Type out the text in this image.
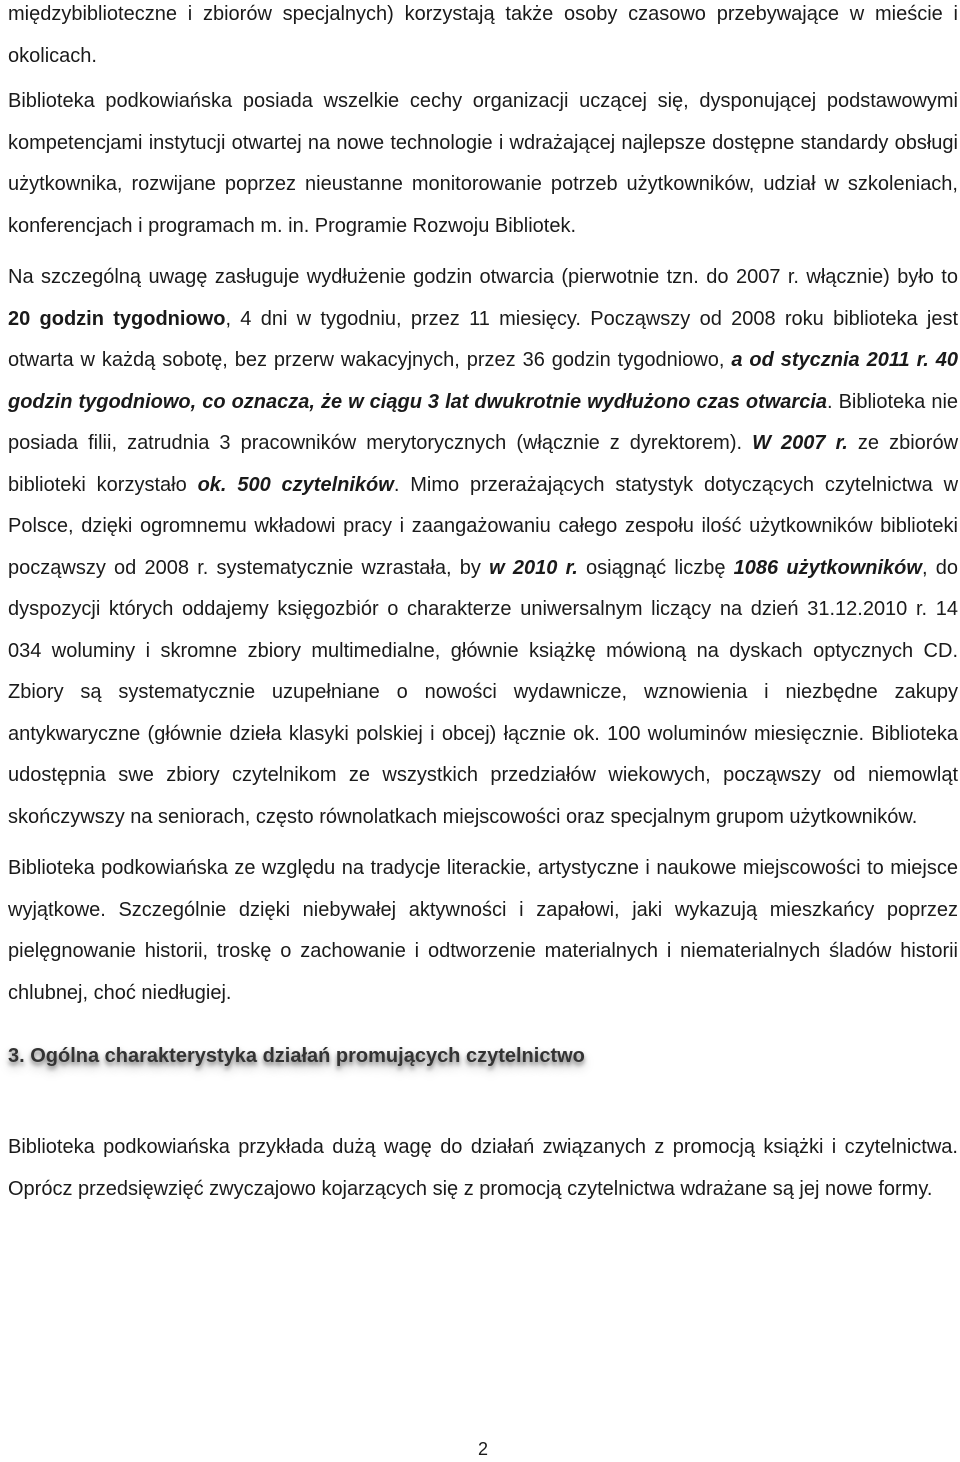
międzybiblioteczne i zbiorów specjalnych) korzystają także osoby czasowo przebywające w mieście i okolicach.

Biblioteka podkowiańska posiada wszelkie cechy organizacji uczącej się, dysponującej podstawowymi kompetencjami instytucji otwartej na nowe technologie i wdrażającej najlepsze dostępne standardy obsługi użytkownika, rozwijane poprzez nieustanne monitorowanie potrzeb użytkowników, udział w szkoleniach, konferencjach i programach m. in. Programie Rozwoju Bibliotek.

Na szczególną uwagę zasługuje wydłużenie godzin otwarcia (pierwotnie tzn. do 2007 r. włącznie) było to 20 godzin tygodniowo, 4 dni w tygodniu, przez 11 miesięcy. Począwszy od 2008 roku biblioteka jest otwarta w każdą sobotę, bez przerw wakacyjnych, przez 36 godzin tygodniowo, a od stycznia 2011 r. 40 godzin tygodniowo, co oznacza, że w ciągu 3 lat dwukrotnie wydłużono czas otwarcia. Biblioteka nie posiada filii, zatrudnia 3 pracowników merytorycznych (włącznie z dyrektorem). W 2007 r. ze zbiorów biblioteki korzystało ok. 500 czytelników. Mimo przerażających statystyk dotyczących czytelnictwa w Polsce, dzięki ogromnemu wkładowi pracy i zaangażowaniu całego zespołu ilość użytkowników biblioteki począwszy od 2008 r. systematycznie wzrastała, by w 2010 r. osiągnąć liczbę 1086 użytkowników, do dyspozycji których oddajemy księgozbiór o charakterze uniwersalnym liczący na dzień 31.12.2010 r. 14 034 woluminy i skromne zbiory multimedialne, głównie książkę mówioną na dyskach optycznych CD. Zbiory są systematycznie uzupełniane o nowości wydawnicze, wznowienia i niezbędne zakupy antykwaryczne (głównie dzieła klasyki polskiej i obcej) łącznie ok. 100 woluminów miesięcznie. Biblioteka udostępnia swe zbiory czytelnikom ze wszystkich przedziałów wiekowych, począwszy od niemowląt skończywszy na seniorach, często równolatkach miejscowości oraz specjalnym grupom użytkowników.

Biblioteka podkowiańska ze względu na tradycje literackie, artystyczne i naukowe miejscowości to miejsce wyjątkowe. Szczególnie dzięki niebywałej aktywności i zapałowi, jaki wykazują mieszkańcy poprzez pielęgnowanie historii, troskę o zachowanie i odtworzenie materialnych i niematerialnych śladów historii chlubnej, choć niedługiej.

3. Ogólna charakterystyka działań promujących czytelnictwo

Biblioteka podkowiańska przykłada dużą wagę do działań związanych z promocją książki i czytelnictwa. Oprócz przedsięwzięć zwyczajowo kojarzących się z promocją czytelnictwa wdrażane są jej nowe formy.

2
